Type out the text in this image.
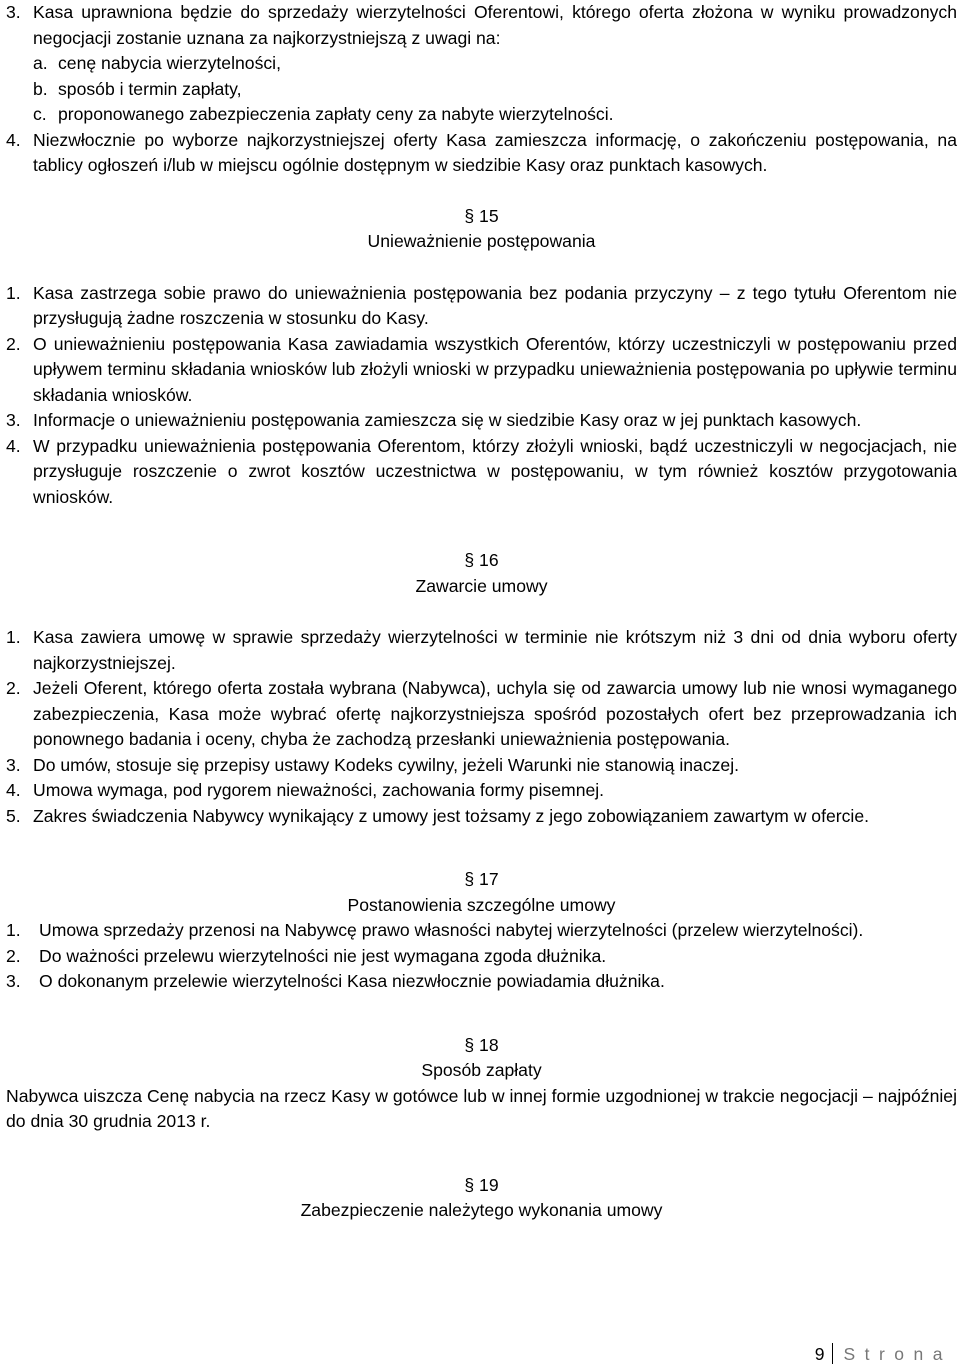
3. Kasa uprawniona będzie do sprzedaży wierzytelności Oferentowi, którego oferta złożona w wyniku prowadzonych negocjacji zostanie uznana za najkorzystniejszą z uwagi na:
a. cenę nabycia wierzytelności,
b. sposób i termin zapłaty,
c. proponowanego zabezpieczenia zapłaty ceny za nabyte wierzytelności.
4. Niezwłocznie po wyborze najkorzystniejszej oferty Kasa zamieszcza informację, o zakończeniu postępowania, na tablicy ogłoszeń i/lub w miejscu ogólnie dostępnym w siedzibie Kasy oraz punktach kasowych.

§ 15

Unieważnienie postępowania

1. Kasa zastrzega sobie prawo do unieważnienia postępowania bez podania przyczyny – z tego tytułu Oferentom nie przysługują żadne roszczenia w stosunku do Kasy.
2. O unieważnieniu postępowania Kasa zawiadamia wszystkich Oferentów, którzy uczestniczyli w postępowaniu przed upływem terminu składania wniosków lub złożyli wnioski w przypadku unieważnienia postępowania po upływie terminu składania wniosków.
3. Informacje o unieważnieniu postępowania zamieszcza się w siedzibie Kasy oraz w jej punktach kasowych.
4. W przypadku unieważnienia postępowania Oferentom, którzy złożyli wnioski, bądź uczestniczyli w negocjacjach, nie przysługuje roszczenie o zwrot kosztów uczestnictwa w postępowaniu, w tym również kosztów przygotowania wniosków.

§ 16

Zawarcie umowy

1. Kasa zawiera umowę w sprawie sprzedaży wierzytelności w terminie nie krótszym niż 3 dni od dnia wyboru oferty najkorzystniejszej.
2. Jeżeli Oferent, którego oferta została wybrana (Nabywca), uchyla się od zawarcia umowy lub nie wnosi wymaganego zabezpieczenia, Kasa może wybrać ofertę najkorzystniejsza spośród pozostałych ofert bez przeprowadzania ich ponownego badania i oceny, chyba że zachodzą przesłanki unieważnienia postępowania.
3. Do umów, stosuje się przepisy ustawy Kodeks cywilny, jeżeli Warunki nie stanowią inaczej.
4. Umowa wymaga, pod rygorem nieważności, zachowania formy pisemnej.
5. Zakres świadczenia Nabywcy wynikający z umowy jest tożsamy z jego zobowiązaniem zawartym w ofercie.

§ 17

Postanowienia szczególne umowy

1.	Umowa sprzedaży przenosi na Nabywcę prawo własności nabytej wierzytelności (przelew wierzytelności).
2.	Do ważności przelewu wierzytelności nie jest wymagana zgoda dłużnika.
3.	O dokonanym przelewie wierzytelności Kasa niezwłocznie powiadamia dłużnika.

§ 18

Sposób zapłaty

Nabywca uiszcza Cenę nabycia na rzecz Kasy w gotówce lub w innej formie uzgodnionej w trakcie negocjacji – najpóźniej do dnia 30 grudnia 2013 r.

§ 19

Zabezpieczenie należytego wykonania umowy

9 Strona
